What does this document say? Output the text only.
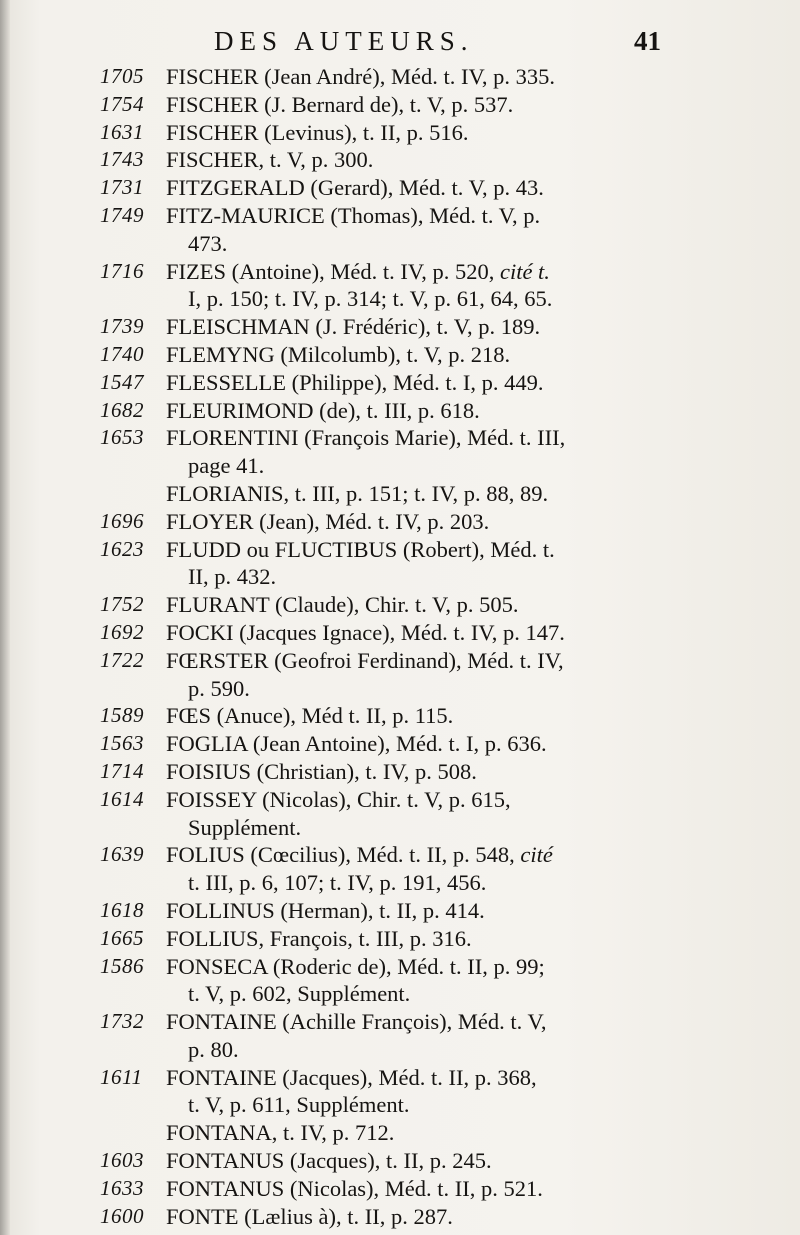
DES AUTEURS.	41
1705 FISCHER (Jean André), Méd. t. IV, p. 335.
1754 FISCHER (J. Bernard de), t. V, p. 537.
1631 FISCHER (Levinus), t. II, p. 516.
1743 FISCHER, t. V, p. 300.
1731 FITZGERALD (Gerard), Méd. t. V, p. 43.
1749 FITZ-MAURICE (Thomas), Méd. t. V, p.
473.
1716 FIZES (Antoine), Méd. t. IV, p. 520, cité t.
I, p. 150; t. IV, p. 314; t. V, p. 61, 64, 65.
1739 FLEISCHMAN (J. Frédéric), t. V, p. 189.
1740 FLEMYNG (Milcolumb), t. V, p. 218.
1547 FLESSELLE (Philippe), Méd. t. I, p. 449.
1682 FLEURIMOND (de), t. III, p. 618.
1653 FLORENTINI (François Marie), Méd. t. III,
page 41.
FLORIANIS, t. III, p. 151; t. IV, p. 88, 89.
1696 FLOYER (Jean), Méd. t. IV, p. 203.
1623 FLUDD ou FLUCTIBUS (Robert), Méd. t.
II, p. 432.
1752 FLURANT (Claude), Chir. t. V, p. 505.
1692 FOCKI (Jacques Ignace), Méd. t. IV, p. 147.
1722 FŒRSTER (Geofroi Ferdinand), Méd. t. IV,
p. 590.
1589 FŒS (Anuce), Méd t. II, p. 115.
1563 FOGLIA (Jean Antoine), Méd. t. I, p. 636.
1714 FOISIUS (Christian), t. IV, p. 508.
1614 FOISSEY (Nicolas), Chir. t. V, p. 615,
Supplément.
1639 FOLIUS (Cœcilius), Méd. t. II, p. 548, cité
t. III, p. 6, 107; t. IV, p. 191, 456.
1618 FOLLINUS (Herman), t. II, p. 414.
1665 FOLLIUS, François, t. III, p. 316.
1586 FONSECA (Roderic de), Méd. t. II, p. 99;
t. V, p. 602, Supplément.
1732 FONTAINE (Achille François), Méd. t. V,
p. 80.
1611	FONTAINE (Jacques), Méd. t. II, p. 368,
t. V, p. 611, Supplément.
FONTANA, t. IV, p. 712.
1603 FONTANUS (Jacques), t. II, p. 245.
1633 FONTANUS (Nicolas), Méd. t. II, p. 521.
1600 FONTE (Lælius à), t. II, p. 287.
